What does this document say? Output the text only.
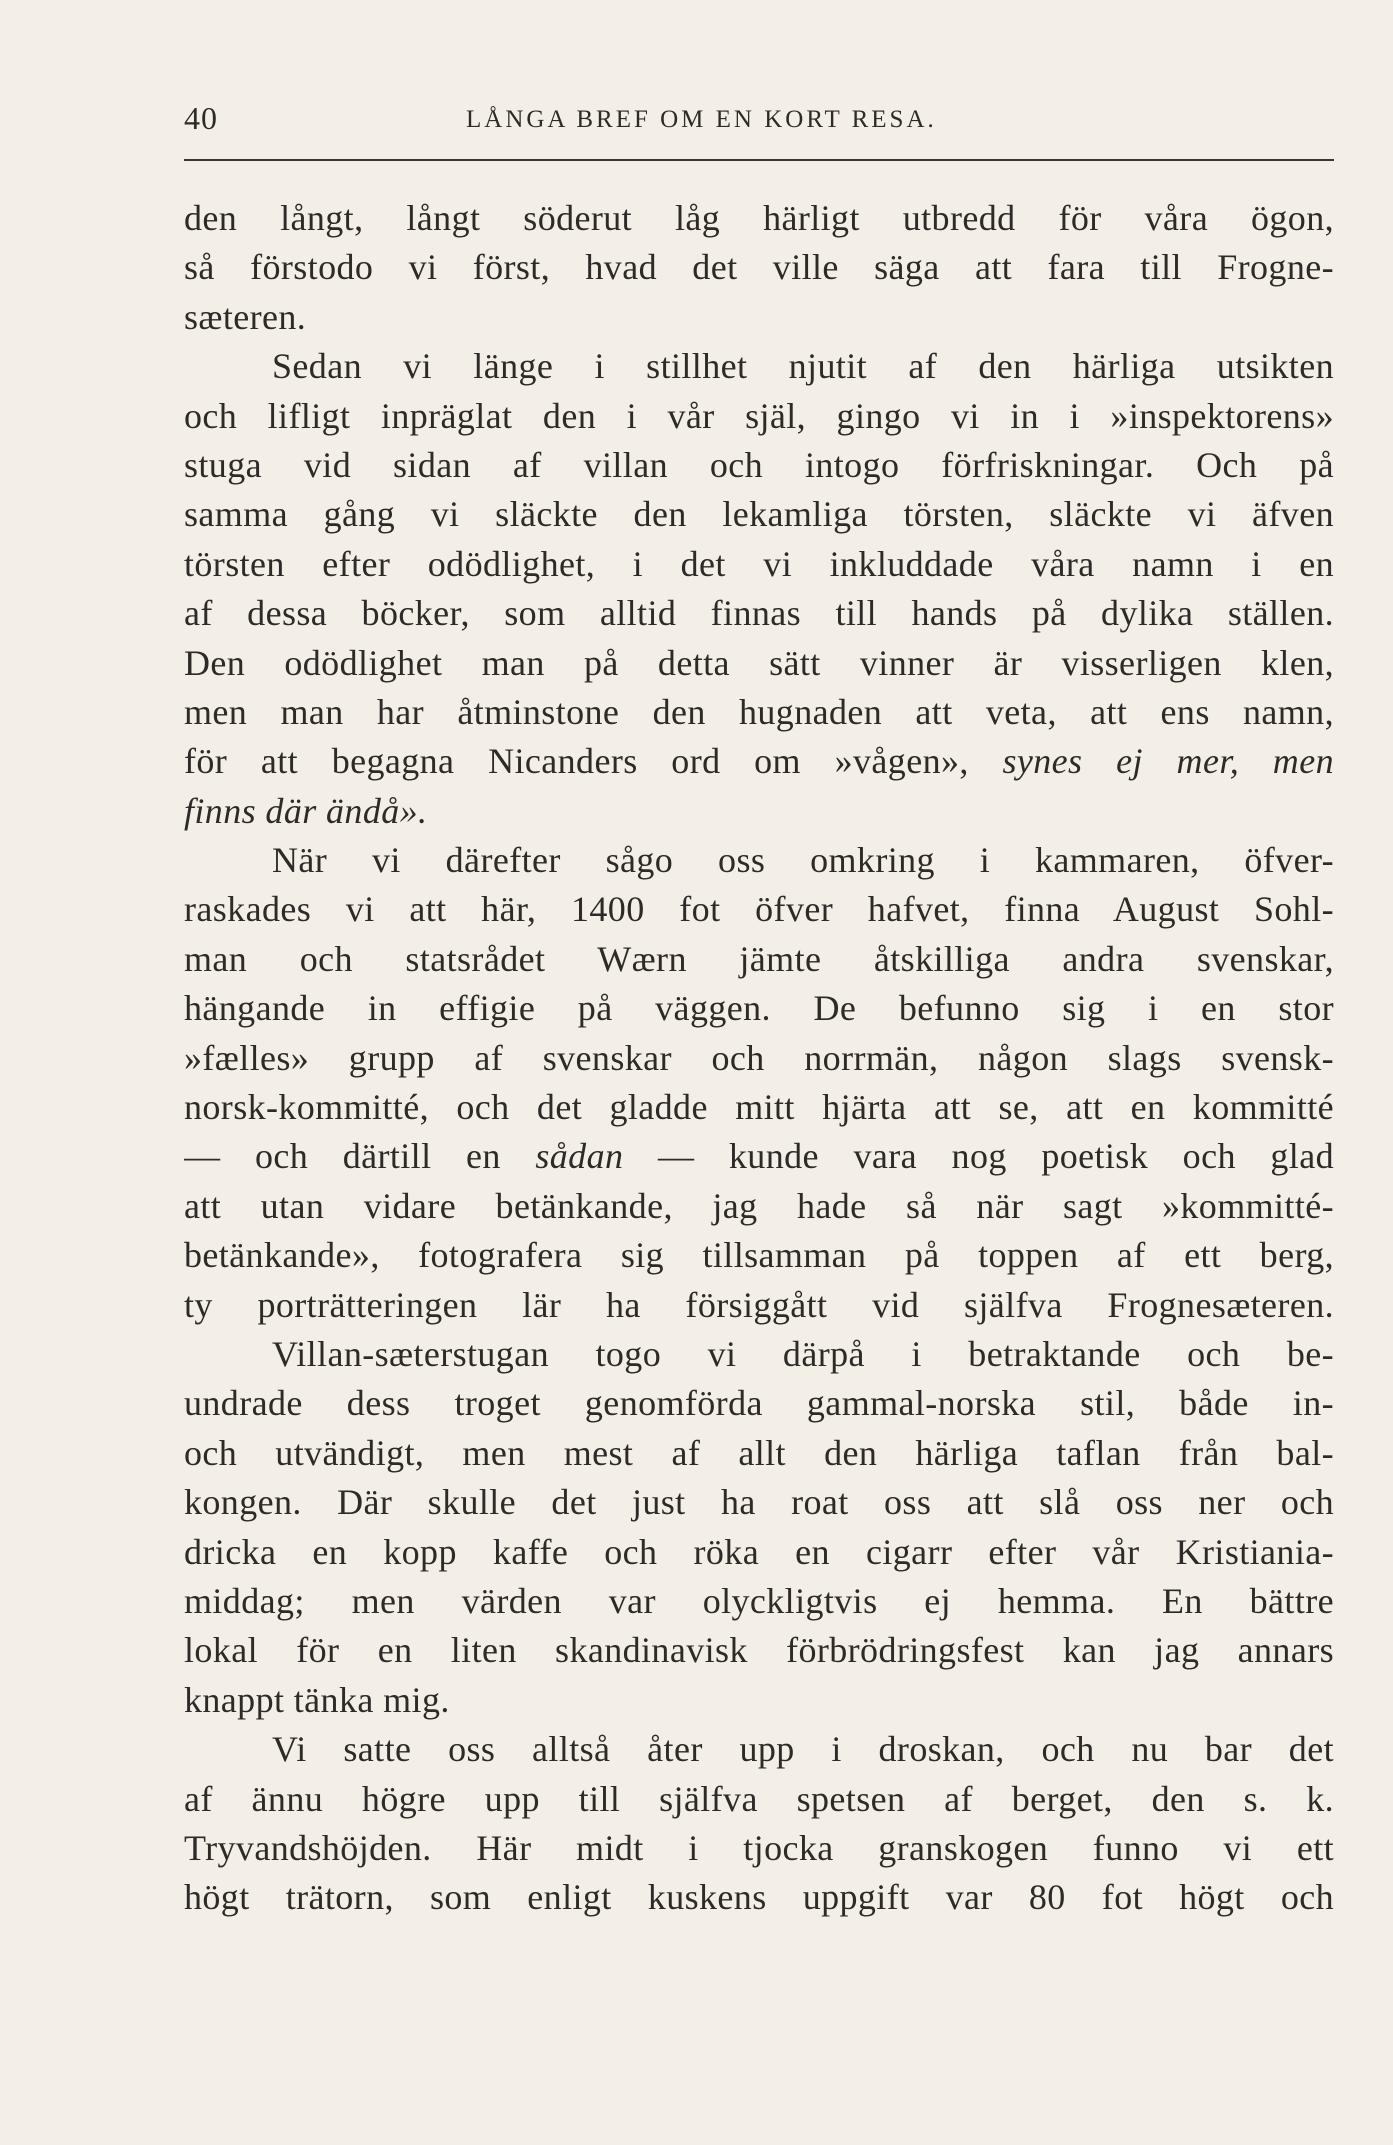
40	LÅNGA BREF OM EN KORT RESA.
den långt, långt söderut låg härligt utbredd för våra ögon,
så förstodo vi först, hvad det ville säga att fara till Frogne-
sæteren.
Sedan vi länge i stillhet njutit af den härliga utsikten
och lifligt inpräglat den i vår själ, gingo vi in i »inspektorens»
stuga vid sidan af villan och intogo förfriskningar. Och på
samma gång vi släckte den lekamliga törsten, släckte vi äfven
törsten efter odödlighet, i det vi inkluddade våra namn i en
af dessa böcker, som alltid finnas till hands på dylika ställen.
Den odödlighet man på detta sätt vinner är visserligen klen,
men man har åtminstone den hugnaden att veta, att ens namn,
för att begagna Nicanders ord om »vågen», synes ej mer, men
finns där ändå».
När vi därefter sågo oss omkring i kammaren, öfver-
raskades vi att här, 1400 fot öfver hafvet, finna August Sohl-
man och statsrådet Wærn jämte åtskilliga andra svenskar,
hängande in effigie på väggen. De befunno sig i en stor
»fælles» grupp af svenskar och norrmän, någon slags svensk-
norsk-kommitté, och det gladde mitt hjärta att se, att en kommitté
— och därtill en sådan — kunde vara nog poetisk och glad
att utan vidare betänkande, jag hade så när sagt »kommitté-
betänkande», fotografera sig tillsamman på toppen af ett berg,
ty porträtteringen lär ha försiggått vid själfva Frognesæteren.
Villan-sæterstugan togo vi därpå i betraktande och be-
undrade dess troget genomförda gammal-norska stil, både in-
och utvändigt, men mest af allt den härliga taflan från bal-
kongen. Där skulle det just ha roat oss att slå oss ner och
dricka en kopp kaffe och röka en cigarr efter vår Kristiania-
middag; men värden var olyckligtvis ej hemma. En bättre
lokal för en liten skandinavisk förbrödringsfest kan jag annars
knappt tänka mig.
Vi satte oss alltså åter upp i droskan, och nu bar det
af ännu högre upp till själfva spetsen af berget, den s. k.
Tryvandshöjden. Här midt i tjocka granskogen funno vi ett
högt trätorn, som enligt kuskens uppgift var 80 fot högt och
